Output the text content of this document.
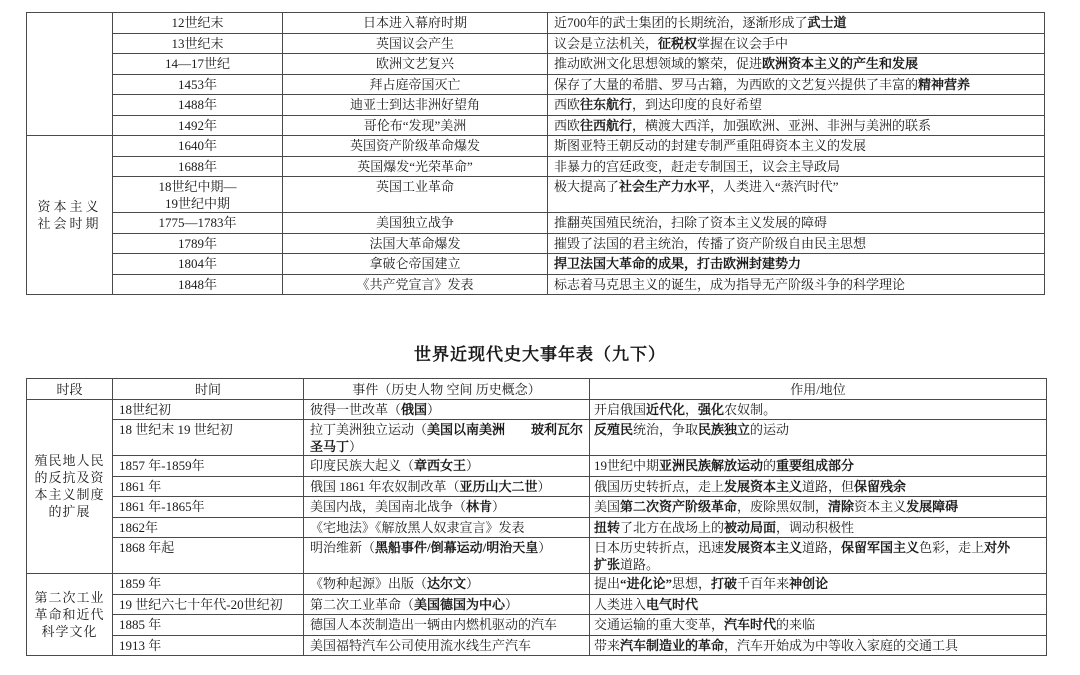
	12世纪末	日本进入幕府时期	近700年的武士集团的长期统治，逐渐形成了武士道
	13世纪末	英国议会产生	议会是立法机关，征税权掌握在议会手中
	14—17世纪	欧洲文艺复兴	推动欧洲文化思想领域的繁荣，促进欧洲资本主义的产生和发展
	1453年	拜占庭帝国灭亡	保存了大量的希腊、罗马古籍，为西欧的文艺复兴提供了丰富的精神营养
	1488年	迪亚士到达非洲好望角	西欧往东航行，到达印度的良好希望
	1492年	哥伦布“发现”美洲	西欧往西航行，横渡大西洋，加强欧洲、亚洲、非洲与美洲的联系

资本主义社会时期	1640年	英国资产阶级革命爆发	斯图亚特王朝反动的封建专制严重阻碍资本主义的发展
	1688年	英国爆发“光荣革命”	非暴力的宫廷政变，赶走专制国王，议会主导政局
	18世纪中期—
19世纪中期	英国工业革命	极大提高了社会生产力水平，人类进入“蒸汽时代”
	1775—1783年	美国独立战争	推翻英国殖民统治，扫除了资本主义发展的障碍
	1789年	法国大革命爆发	摧毁了法国的君主统治，传播了资产阶级自由民主思想
	1804年	拿破仑帝国建立	捍卫法国大革命的成果，打击欧洲封建势力
	1848年	《共产党宣言》发表	标志着马克思主义的诞生，成为指导无产阶级斗争的科学理论
世界近现代史大事年表（九下）
时段	时间	事件（历史人物 空间 历史概念）	作用/地位

殖民地人民的反抗及资本主义制度的扩展	18世纪初	彼得一世改革（俄国）	开启俄国近代化，强化农奴制。
	18 世纪末 19 世纪初	拉丁美洲独立运动（美国以南美洲　　玻利瓦尔
圣马丁）	反殖民统治，争取民族独立的运动
	1857 年-1859年	印度民族大起义（章西女王）	19世纪中期亚洲民族解放运动的重要组成部分
	1861 年	俄国 1861 年农奴制改革（亚历山大二世）	俄国历史转折点，走上发展资本主义道路，但保留残余
	1861 年-1865年	美国内战，美国南北战争（林肯）	美国第二次资产阶级革命，废除黑奴制，清除资本主义发展障碍
	1862年	《宅地法》《解放黑人奴隶宣言》发表	扭转了北方在战场上的被动局面，调动积极性
	1868 年起	明治维新（黑船事件/倒幕运动/明治天皇）	日本历史转折点，迅速发展资本主义道路，保留军国主义色彩，走上对外
扩张道路。

第二次工业革命和近代科学文化	1859 年	《物种起源》出版（达尔文）	提出“进化论”思想，打破千百年来神创论
	19 世纪六七十年代-20世纪初	第二次工业革命（美国德国为中心）	人类进入电气时代
	1885 年	德国人本茨制造出一辆由内燃机驱动的汽车	交通运输的重大变革，汽车时代的来临
	1913 年	美国福特汽车公司使用流水线生产汽车	带来汽车制造业的革命，汽车开始成为中等收入家庭的交通工具
